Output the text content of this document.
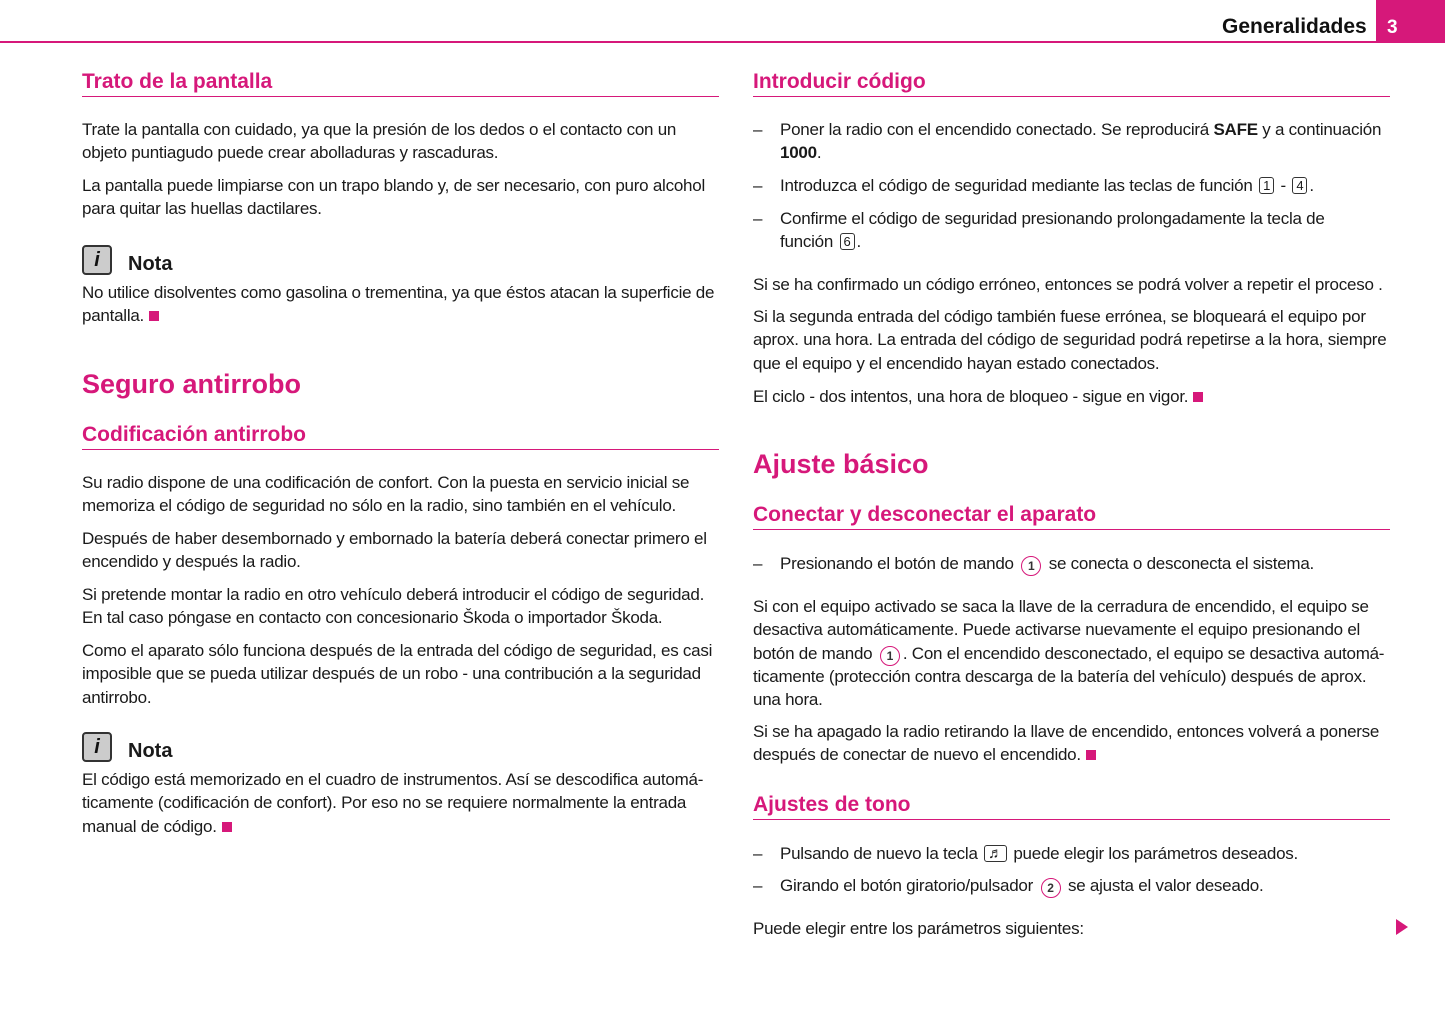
Generalidades	3
Trato de la pantalla
Trate la pantalla con cuidado, ya que la presión de los dedos o el contacto con un
objeto puntiagudo puede crear abolladuras y rascaduras.
La pantalla puede limpiarse con un trapo blando y, de ser necesario, con puro alcohol
para quitar las huellas dactilares.
i	Nota
No utilice disolventes como gasolina o trementina, ya que éstos atacan la superficie de
pantalla.
Seguro antirrobo
Codificación antirrobo
Su radio dispone de una codificación de confort. Con la puesta en servicio inicial se
memoriza el código de seguridad no sólo en la radio, sino también en el vehículo.
Después de haber desembornado y embornado la batería deberá conectar primero el
encendido y después la radio.
Si pretende montar la radio en otro vehículo deberá introducir el código de seguridad.
En tal caso póngase en contacto con concesionario Škoda o importador Škoda.
Como el aparato sólo funciona después de la entrada del código de seguridad, es casi
imposible que se pueda utilizar después de un robo - una contribución a la seguridad
antirrobo.
i	Nota
El código está memorizado en el cuadro de instrumentos. Así se descodifica automá-
ticamente (codificación de confort). Por eso no se requiere normalmente la entrada
manual de código.
Introducir código
– Poner la radio con el encendido conectado. Se reproducirá SAFE y a continuación
1000.
– Introduzca el código de seguridad mediante las teclas de función 1 - 4 .
– Confirme el código de seguridad presionando prolongadamente la tecla de
función 6 .
Si se ha confirmado un código erróneo, entonces se podrá volver a repetir el proceso .
Si la segunda entrada del código también fuese errónea, se bloqueará el equipo por
aprox. una hora. La entrada del código de seguridad podrá repetirse a la hora, siempre
que el equipo y el encendido hayan estado conectados.
El ciclo - dos intentos, una hora de bloqueo - sigue en vigor.
Ajuste básico
Conectar y desconectar el aparato
– Presionando el botón de mando 1 se conecta o desconecta el sistema.
Si con el equipo activado se saca la llave de la cerradura de encendido, el equipo se
desactiva automáticamente. Puede activarse nuevamente el equipo presionando el
botón de mando 1 . Con el encendido desconectado, el equipo se desactiva automá-
ticamente (protección contra descarga de la batería del vehículo) después de aprox.
una hora.
Si se ha apagado la radio retirando la llave de encendido, entonces volverá a ponerse
después de conectar de nuevo el encendido.
Ajustes de tono
– Pulsando de nuevo la tecla ♬ puede elegir los parámetros deseados.
– Girando el botón giratorio/pulsador 2 se ajusta el valor deseado.
Puede elegir entre los parámetros siguientes:
